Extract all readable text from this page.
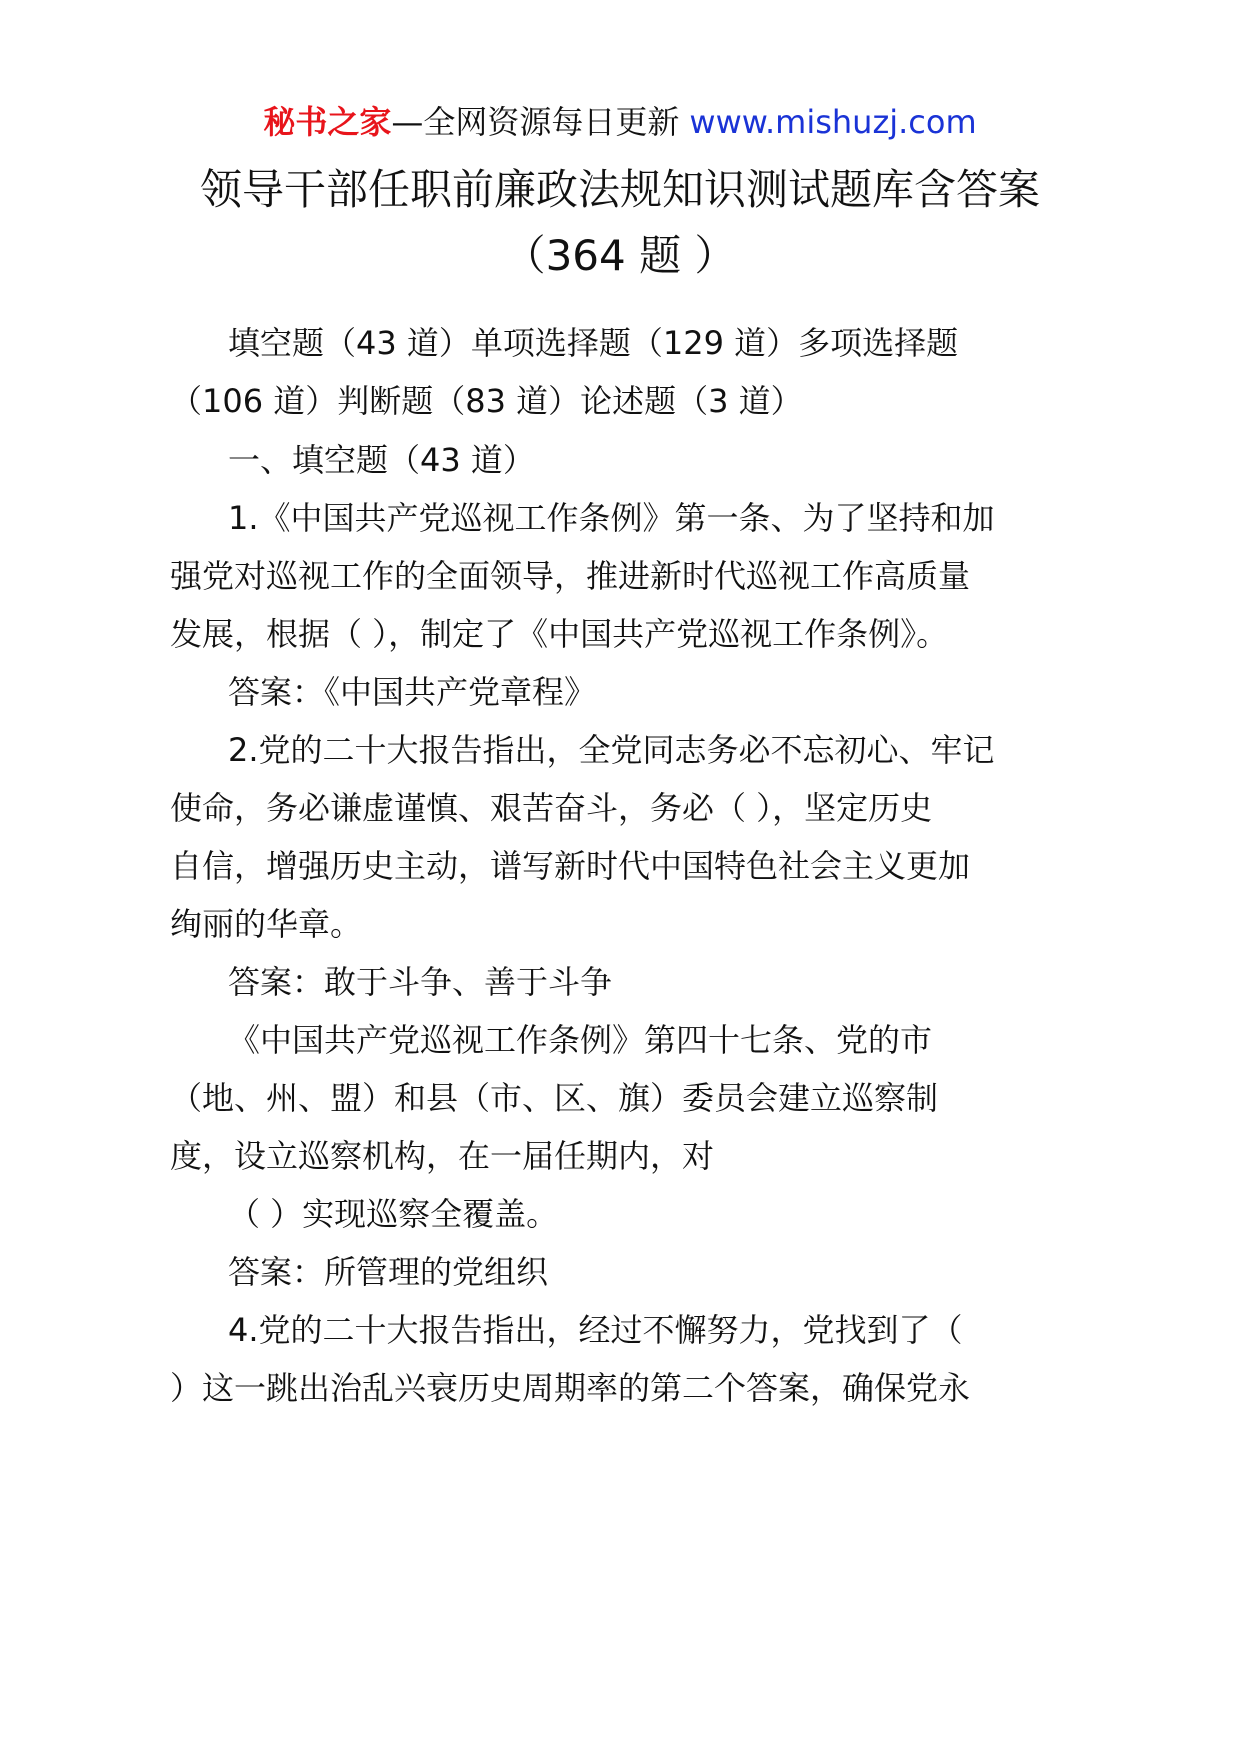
秘书之家—全网资源每日更新 www.mishuzj.com
领导干部任职前廉政法规知识测试题库含答案
（364 题 ）
填空题（43 道）单项选择题（129 道）多项选择题
（106 道）判断题（83 道）论述题（3 道）
一、填空题（43 道）
1.《中国共产党巡视工作条例》第一条、为了坚持和加
强党对巡视工作的全面领导，推进新时代巡视工作高质量
发展，根据（ ），制定了《中国共产党巡视工作条例》。
答案：《中国共产党章程》
2.党的二十大报告指出，全党同志务必不忘初心、牢记
使命，务必谦虚谨慎、艰苦奋斗，务必（ ），坚定历史
自信，增强历史主动，谱写新时代中国特色社会主义更加
绚丽的华章。
答案：敢于斗争、善于斗争
《中国共产党巡视工作条例》第四十七条、党的市
（地、州、盟）和县（市、区、旗）委员会建立巡察制
度，设立巡察机构，在一届任期内，对
（ ）实现巡察全覆盖。
答案：所管理的党组织
4.党的二十大报告指出，经过不懈努力，党找到了（
）这一跳出治乱兴衰历史周期率的第二个答案，确保党永
